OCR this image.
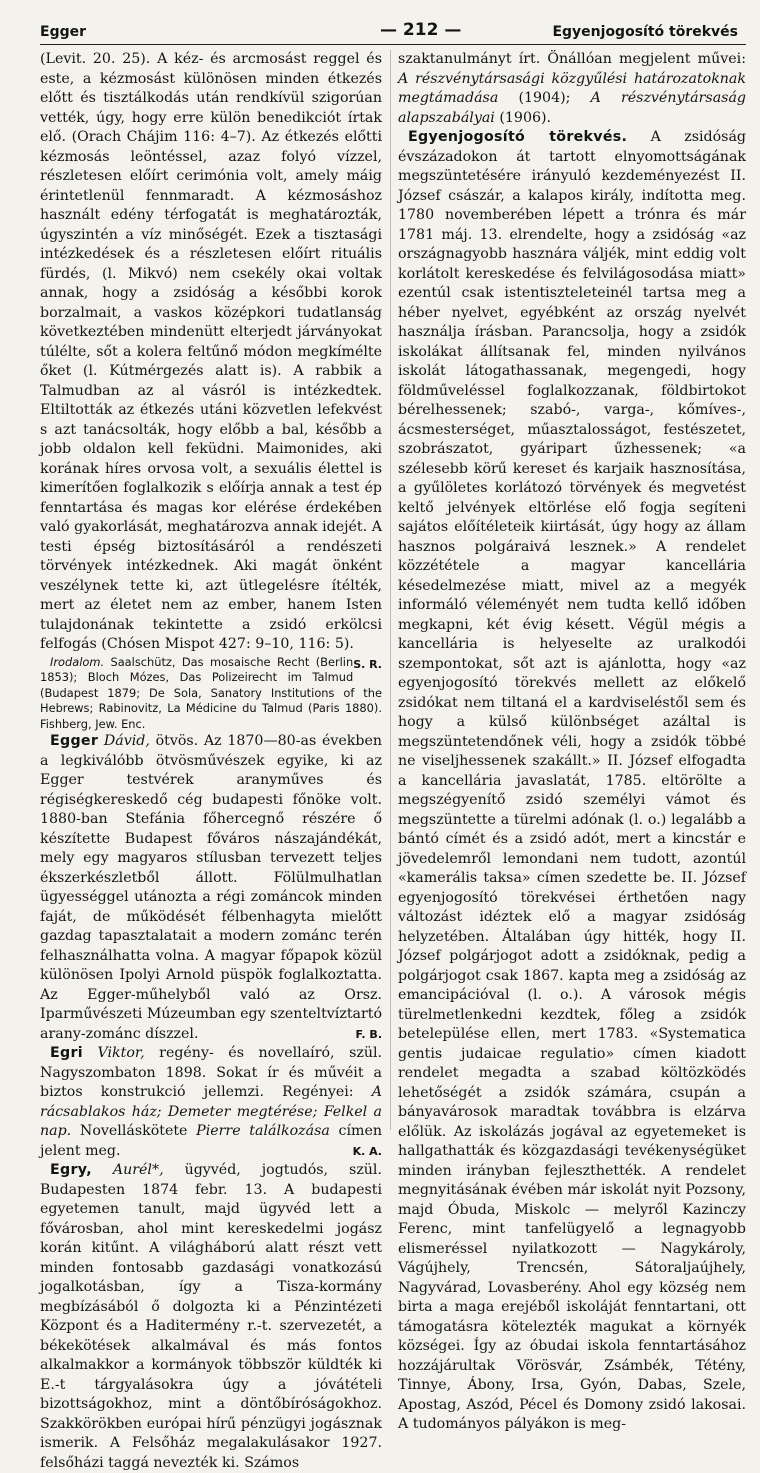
Egger	— 212 —	Egyenjogosító törekvés

(Levit. 20. 25). A kéz- és arcmosást reggel és este, a kézmosást különösen minden étkezés előtt és tisztálkodás után rendkívül szigorúan vették, úgy, hogy erre külön benedikciót írtak elő. (Orach Chájim 116: 4–7). Az étkezés előtti kézmosás leöntéssel, azaz folyó vízzel, részletesen előírt cerimónia volt, amely máig érintetlenül fennmaradt. A kézmosáshoz használt edény térfogatát is meghatározták, úgyszintén a víz minőségét. Ezek a tisztasági intézkedések és a részletesen előírt rituális fürdés, (l. Mikvó) nem csekély okai voltak annak, hogy a zsidóság a későbbi korok borzalmait, a vaskos középkori tudatlanság következtében mindenütt elterjedt járványokat túlélte, sőt a kolera feltűnő módon megkímélte őket (l. Kútmérgezés alatt is). A rabbik a Talmudban az al vásról is intézkedtek. Eltiltották az étkezés utáni közvetlen lefekvést s azt tanácsolták, hogy előbb a bal, később a jobb oldalon kell feküdni. Maimonides, aki korának híres orvosa volt, a sexuális élettel is kimerítően foglalkozik s előírja annak a test ép fenntartása és magas kor elérése érdekében való gyakorlását, meghatározva annak idejét. A testi épség biztosításáról a rendészeti törvények intézkednek. Aki magát önként veszélynek tette ki, azt ütlegelésre ítélték, mert az életet nem az ember, hanem Isten tulajdonának tekintette a zsidó erkölcsi felfogás (Chósen Mispot 427: 9–10, 116: 5).
S. R.

Irodalom. Saalschütz, Das mosaische Recht (Berlin 1853); Bloch Mózes, Das Polizeirecht im Talmud (Budapest 1879; De Sola, Sanatory Institutions of the Hebrews; Rabinovitz, La Médicine du Talmud (Paris 1880). Fishberg, Jew. Enc.

Egger Dávid, ötvös. Az 1870—80-as években a legkiválóbb ötvösművészek egyike, ki az Egger testvérek aranyműves és régiségkereskedő cég budapesti főnöke volt. 1880-ban Stefánia főhercegnő részére ő készítette Budapest főváros nászajándékát, mely egy magyaros stílusban tervezett teljes ékszerkészletből állott. Fölülmulhatlan ügyességgel utánozta a régi zománcok minden faját, de működését félbenhagyta mielőtt gazdag tapasztalatait a modern zománc terén felhasználhatta volna. A magyar főpapok közül különösen Ipolyi Arnold püspök foglalkoztatta. Az Egger-műhelyből való az Orsz. Iparművészeti Múzeumban egy szenteltvíztartó arany-zománc díszzel.	F. B.

Egri Viktor, regény- és novellaíró, szül. Nagyszombaton 1898. Sokat ír és művéit a biztos konstrukció jellemzi. Regényei: A rácsablakos ház; Demeter megtérése; Felkel a nap. Novelláskötete Pierre találkozása címen jelent meg.	K. A.

Egry, Aurél*, ügyvéd, jogtudós, szül. Budapesten 1874 febr. 13. A budapesti egyetemen tanult, majd ügyvéd lett a fővárosban, ahol mint kereskedelmi jogász korán kitűnt. A világháború alatt részt vett minden fontosabb gazdasági vonatkozású jogalkotásban, így a Tisza-kormány megbízásából ő dolgozta ki a Pénzintézeti Központ és a Haditermény r.-t. szervezetét, a békekötések alkalmával és más fontos alkalmakkor a kormányok többször küldték ki E.-t tárgyalásokra úgy a jóvátételi bizottságokhoz, mint a döntőbíróságokhoz. Szakkörökben európai hírű pénzügyi jogásznak ismerik. A Felsőház megalakulásakor 1927. felsőházi taggá nevezték ki. Számos

szaktanulmányt írt. Önállóan megjelent művei: A részvénytársasági közgyűlési határozatoknak megtámadása (1904); A részvénytársaság alapszabályai (1906).

Egyenjogosító törekvés. A zsidóság évszázadokon át tartott elnyomottságának megszüntetésére irányuló kezdeményezést II. József császár, a kalapos király, indította meg. 1780 novemberében lépett a trónra és már 1781 máj. 13. elrendelte, hogy a zsidóság «az országnagyobb hasznára váljék, mint eddig volt korlátolt kereskedése és felvilágosodása miatt» ezentúl csak istentiszteleteinél tartsa meg a héber nyelvet, egyébként az ország nyelvét használja írásban. Parancsolja, hogy a zsidók iskolákat állítsanak fel, minden nyilvános iskolát látogathassanak, megengedi, hogy földműveléssel foglalkozzanak, földbirtokot bérelhessenek; szabó-, varga-, kőmíves-, ácsmesterséget, műasztalosságot, festészetet, szobrászatot, gyáripart űzhessenek; «a szélesebb körű kereset és karjaik hasznosítása, a gyűlöletes korlátozó törvények és megvetést keltő jelvények eltörlése elő fogja segíteni sajátos előítéleteik kiirtását, úgy hogy az állam hasznos polgáraivá lesznek.» A rendelet közzététele a magyar kancellária késedelmezése miatt, mivel az a megyék informáló véleményét nem tudta kellő időben megkapni, két évig késett. Végül mégis a kancellária is helyeselte az uralkodói szempontokat, sőt azt is ajánlotta, hogy «az egyenjogosító törekvés mellett az előkelő zsidókat nem tiltaná el a kardviseléstől sem és hogy a külső különbséget azáltal is megszüntetendőnek véli, hogy a zsidók többé ne viseljhessenek szakállt.» II. József elfogadta a kancellária javaslatát, 1785. eltörölte a megszégyenítő zsidó személyi vámot és megszüntette a türelmi adónak (l. o.) legalább a bántó címét és a zsidó adót, mert a kincstár e jövedelemről lemondani nem tudott, azontúl «kamerális taksa» címen szedette be. II. József egyenjogosító törekvései érthetően nagy változást idéztek elő a magyar zsidóság helyzetében. Általában úgy hitték, hogy II. József polgárjogot adott a zsidóknak, pedig a polgárjogot csak 1867. kapta meg a zsidóság az emancipációval (l. o.). A városok mégis türelmetlenkedni kezdtek, főleg a zsidók betelepülése ellen, mert 1783. «Systematica gentis judaicae regulatio» címen kiadott rendelet megadta a szabad költözködés lehetőségét a zsidók számára, csupán a bányavárosok maradtak továbbra is elzárva előlük. Az iskolázás jogával az egyetemeket is hallgathatták és közgazdasági tevékenységüket minden irányban fejleszthették. A rendelet megnyitásának évében már iskolát nyit Pozsony, majd Óbuda, Miskolc — melyről Kazinczy Ferenc, mint tanfelügyelő a legnagyobb elismeréssel nyilatkozott — Nagykároly, Vágújhely, Trencsén, Sátoraljaújhely, Nagyvárad, Lovasberény. Ahol egy község nem birta a maga erejéből iskoláját fenntartani, ott támogatásra kötelezték magukat a környék községei. Így az óbudai iskola fenntartásához hozzájárultak Vörösvár, Zsámbék, Tétény, Tinnye, Ábony, Irsa, Gyón, Dabas, Szele, Apostag, Aszód, Pécel és Domony zsidó lakosai. A tudományos pályákon is meg-
